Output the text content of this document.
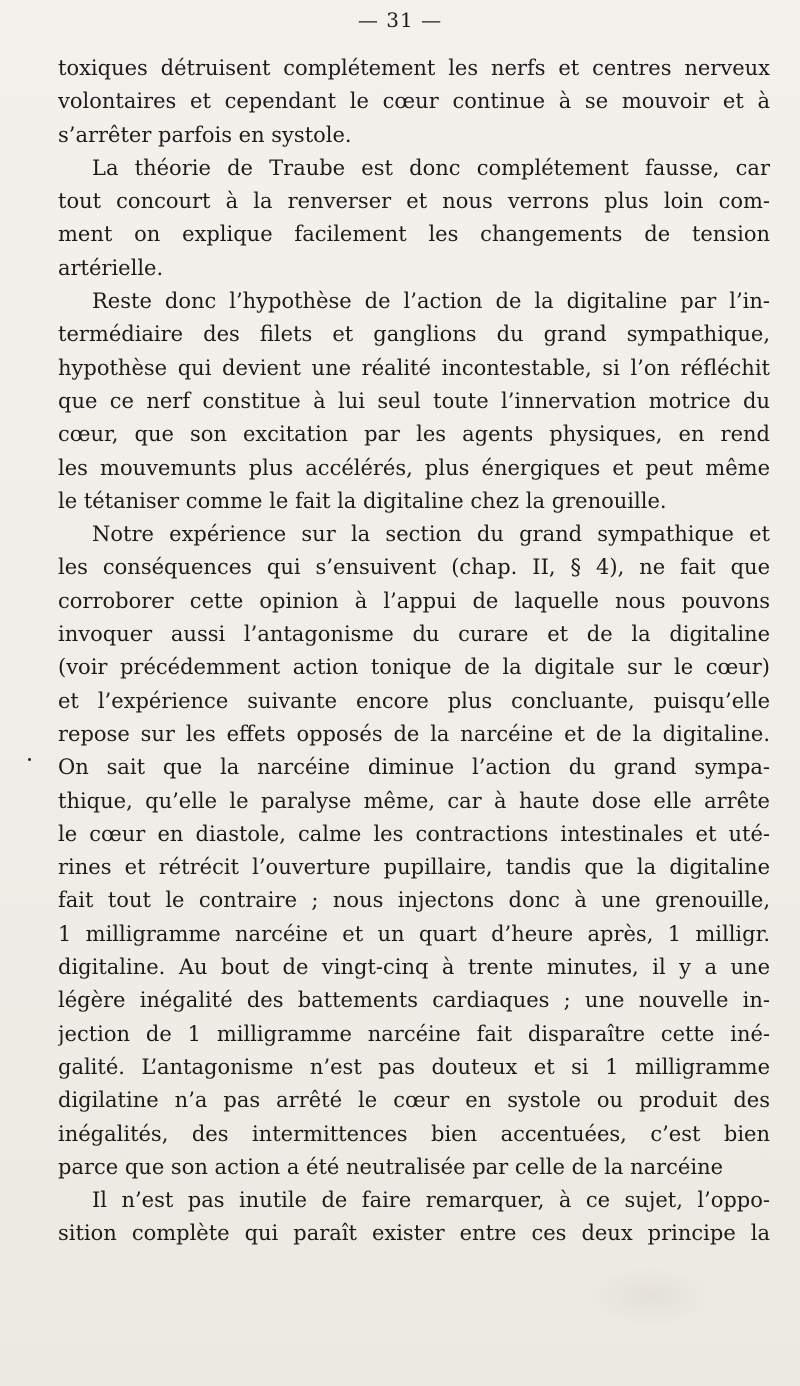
— 31 —
toxiques détruisent complétement les nerfs et centres nerveux
volontaires et cependant le cœur continue à se mouvoir et à
s’arrêter parfois en systole.
La théorie de Traube est donc complétement fausse, car
tout concourt à la renverser et nous verrons plus loin com-
ment on explique facilement les changements de tension
artérielle.
Reste donc l’hypothèse de l’action de la digitaline par l’in-
termédiaire des filets et ganglions du grand sympathique,
hypothèse qui devient une réalité incontestable, si l’on réfléchit
que ce nerf constitue à lui seul toute l’innervation motrice du
cœur, que son excitation par les agents physiques, en rend
les mouvemunts plus accélérés, plus énergiques et peut même
le tétaniser comme le fait la digitaline chez la grenouille.
Notre expérience sur la section du grand sympathique et
les conséquences qui s’ensuivent (chap. II, § 4), ne fait que
corroborer cette opinion à l’appui de laquelle nous pouvons
invoquer aussi l’antagonisme du curare et de la digitaline
(voir précédemment action tonique de la digitale sur le cœur)
et l’expérience suivante encore plus concluante, puisqu’elle
repose sur les effets opposés de la narcéine et de la digitaline.
On sait que la narcéine diminue l’action du grand sympa-
thique, qu’elle le paralyse même, car à haute dose elle arrête
le cœur en diastole, calme les contractions intestinales et uté-
rines et rétrécit l’ouverture pupillaire, tandis que la digitaline
fait tout le contraire ; nous injectons donc à une grenouille,
1 milligramme narcéine et un quart d’heure après, 1 milligr.
digitaline. Au bout de vingt-cinq à trente minutes, il y a une
légère inégalité des battements cardiaques ; une nouvelle in-
jection de 1 milligramme narcéine fait disparaître cette iné-
galité. L’antagonisme n’est pas douteux et si 1 milligramme
digilatine n’a pas arrêté le cœur en systole ou produit des
inégalités, des intermittences bien accentuées, c’est bien
parce que son action a été neutralisée par celle de la narcéine
Il n’est pas inutile de faire remarquer, à ce sujet, l’oppo-
sition complète qui paraît exister entre ces deux principe la
